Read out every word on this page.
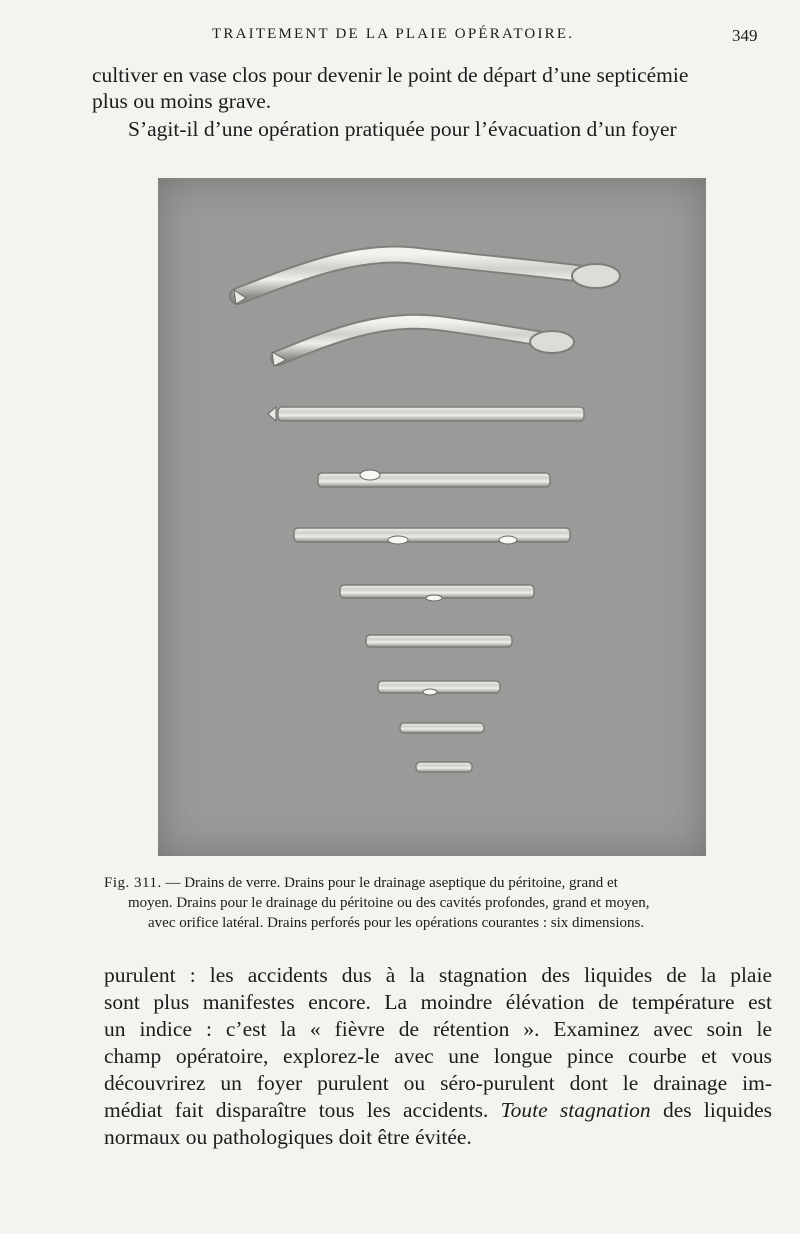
TRAITEMENT DE LA PLAIE OPÉRATOIRE.	349

cultiver en vase clos pour devenir le point de départ d’une septicémie
plus ou moins grave.
S’agit-il d’une opération pratiquée pour l’évacuation d’un foyer

Fig. 311. — Drains de verre. Drains pour le drainage aseptique du péritoine, grand et
moyen. Drains pour le drainage du péritoine ou des cavités profondes, grand et moyen,
avec orifice latéral. Drains perforés pour les opérations courantes : six dimensions.
purulent : les accidents dus à la stagnation des liquides de la plaie
sont plus manifestes encore. La moindre élévation de température est
un indice : c’est la « fièvre de rétention ». Examinez avec soin le
champ opératoire, explorez-le avec une longue pince courbe et vous
découvrirez un foyer purulent ou séro-purulent dont le drainage im-
médiat fait disparaître tous les accidents. Toute stagnation des liquides
normaux ou pathologiques doit être évitée.
